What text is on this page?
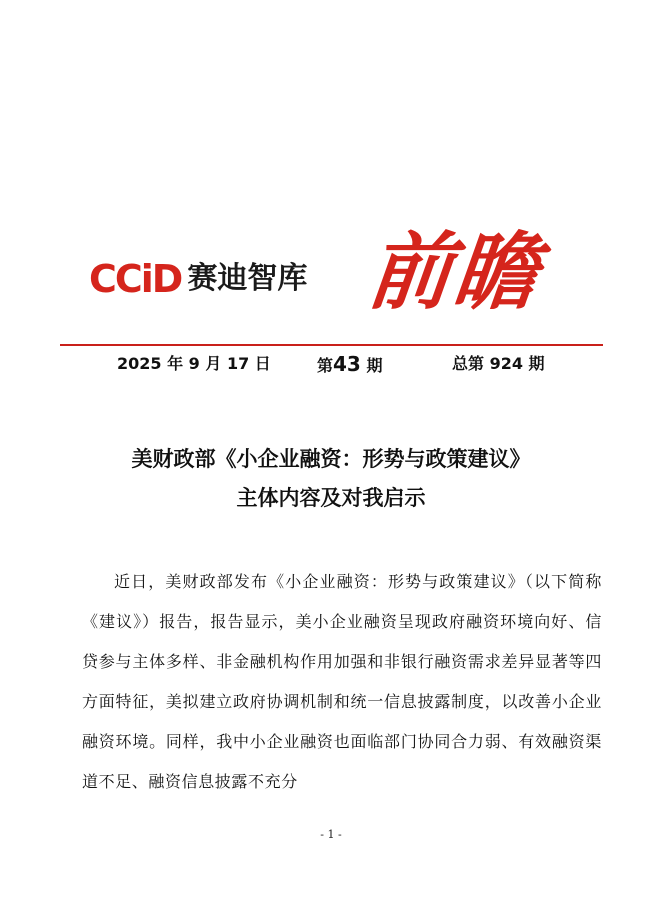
CCiD 赛迪智库 前瞻
2025 年 9 月 17 日	第43 期	总第 924 期
美财政部《小企业融资：形势与政策建议》
主体内容及对我启示

近日，美财政部发布《小企业融资：形势与政策建议》（以下简称《建议》）报告，报告显示，美小企业融资呈现政府融资环境向好、信贷参与主体多样、非金融机构作用加强和非银行融资需求差异显著等四方面特征，美拟建立政府协调机制和统一信息披露制度，以改善小企业融资环境。同样，我中小企业融资也面临部门协同合力弱、有效融资渠道不足、融资信息披露不充分

- 1 -
